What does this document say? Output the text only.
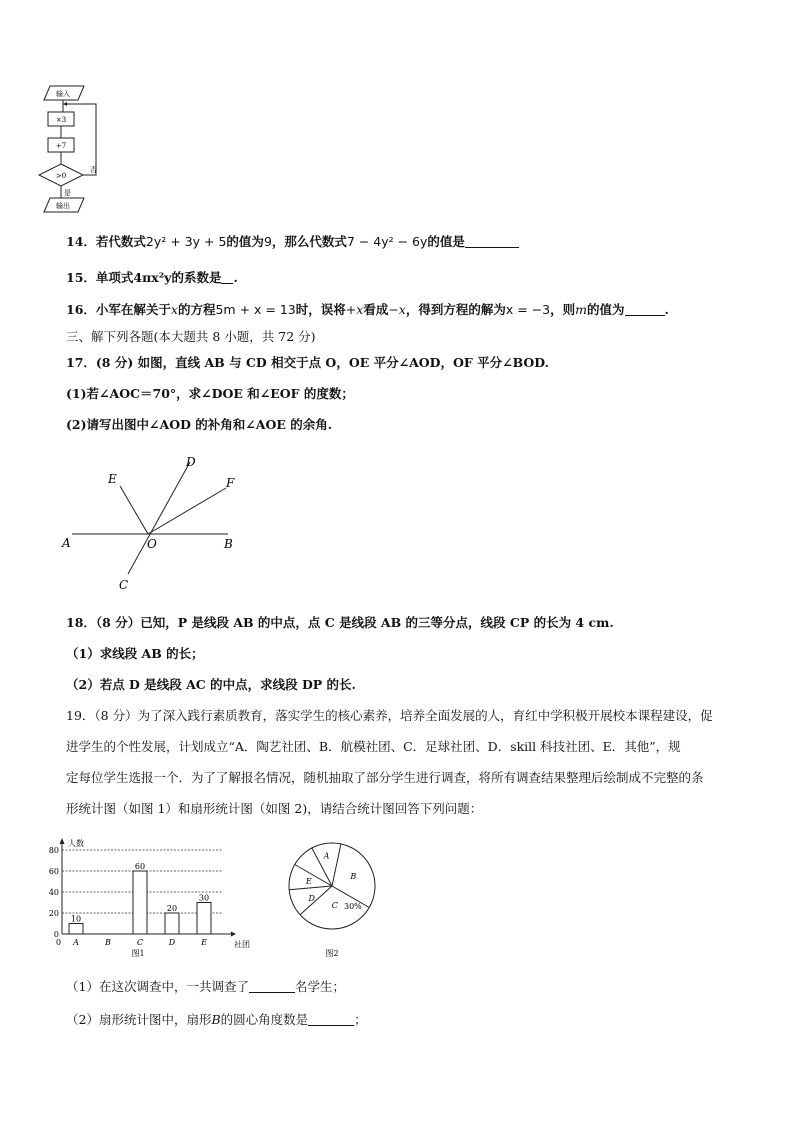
输入
×3
+7
>0
否
是
输出
14．若代数式2y² + 3y + 5的值为9，那么代数式7 − 4y² − 6y的值是
15．单项式4πx²y的系数是 .
16．小军在解关于x的方程5m + x = 13时，误将+x看成−x，得到方程的解为x = −3，则m的值为	.
三、解下列各题(本大题共 8 小题，共 72 分)
17．(8 分) 如图，直线 AB 与 CD 相交于点 O，OE 平分∠AOD，OF 平分∠BOD.
(1)若∠AOC＝70°，求∠DOE 和∠EOF 的度数；
(2)请写出图中∠AOD 的补角和∠AOE 的余角.
A	B
C
D
E	F
O
18．（8 分）已知，P 是线段 AB 的中点，点 C 是线段 AB 的三等分点，线段 CP 的长为 4 cm.
（1）求线段 AB 的长；
（2）若点 D 是线段 AC 的中点，求线段 DP 的长.
19．（8 分）为了深入践行素质教育，落实学生的核心素养，培养全面发展的人，育红中学积极开展校本课程建设，促
进学生的个性发展，计划成立“A．陶艺社团、B．航模社团、C．足球社团、D．skill 科技社团、E．其他”，规
定每位学生选报一个．为了了解报名情况，随机抽取了部分学生进行调查，将所有调查结果整理后绘制成不完整的条
形统计图（如图 1）和扇形统计图（如图 2)，请结合统计图回答下列问题：
0
20
40
60
80
人数
社团
0 A
10
B	C
60
D
20
E
30
图1
A
B
C
D
E
30%
图2
（1）在这次调查中，一共调查了	名学生；
（2）扇形统计图中，扇形B的圆心角度数是	；
